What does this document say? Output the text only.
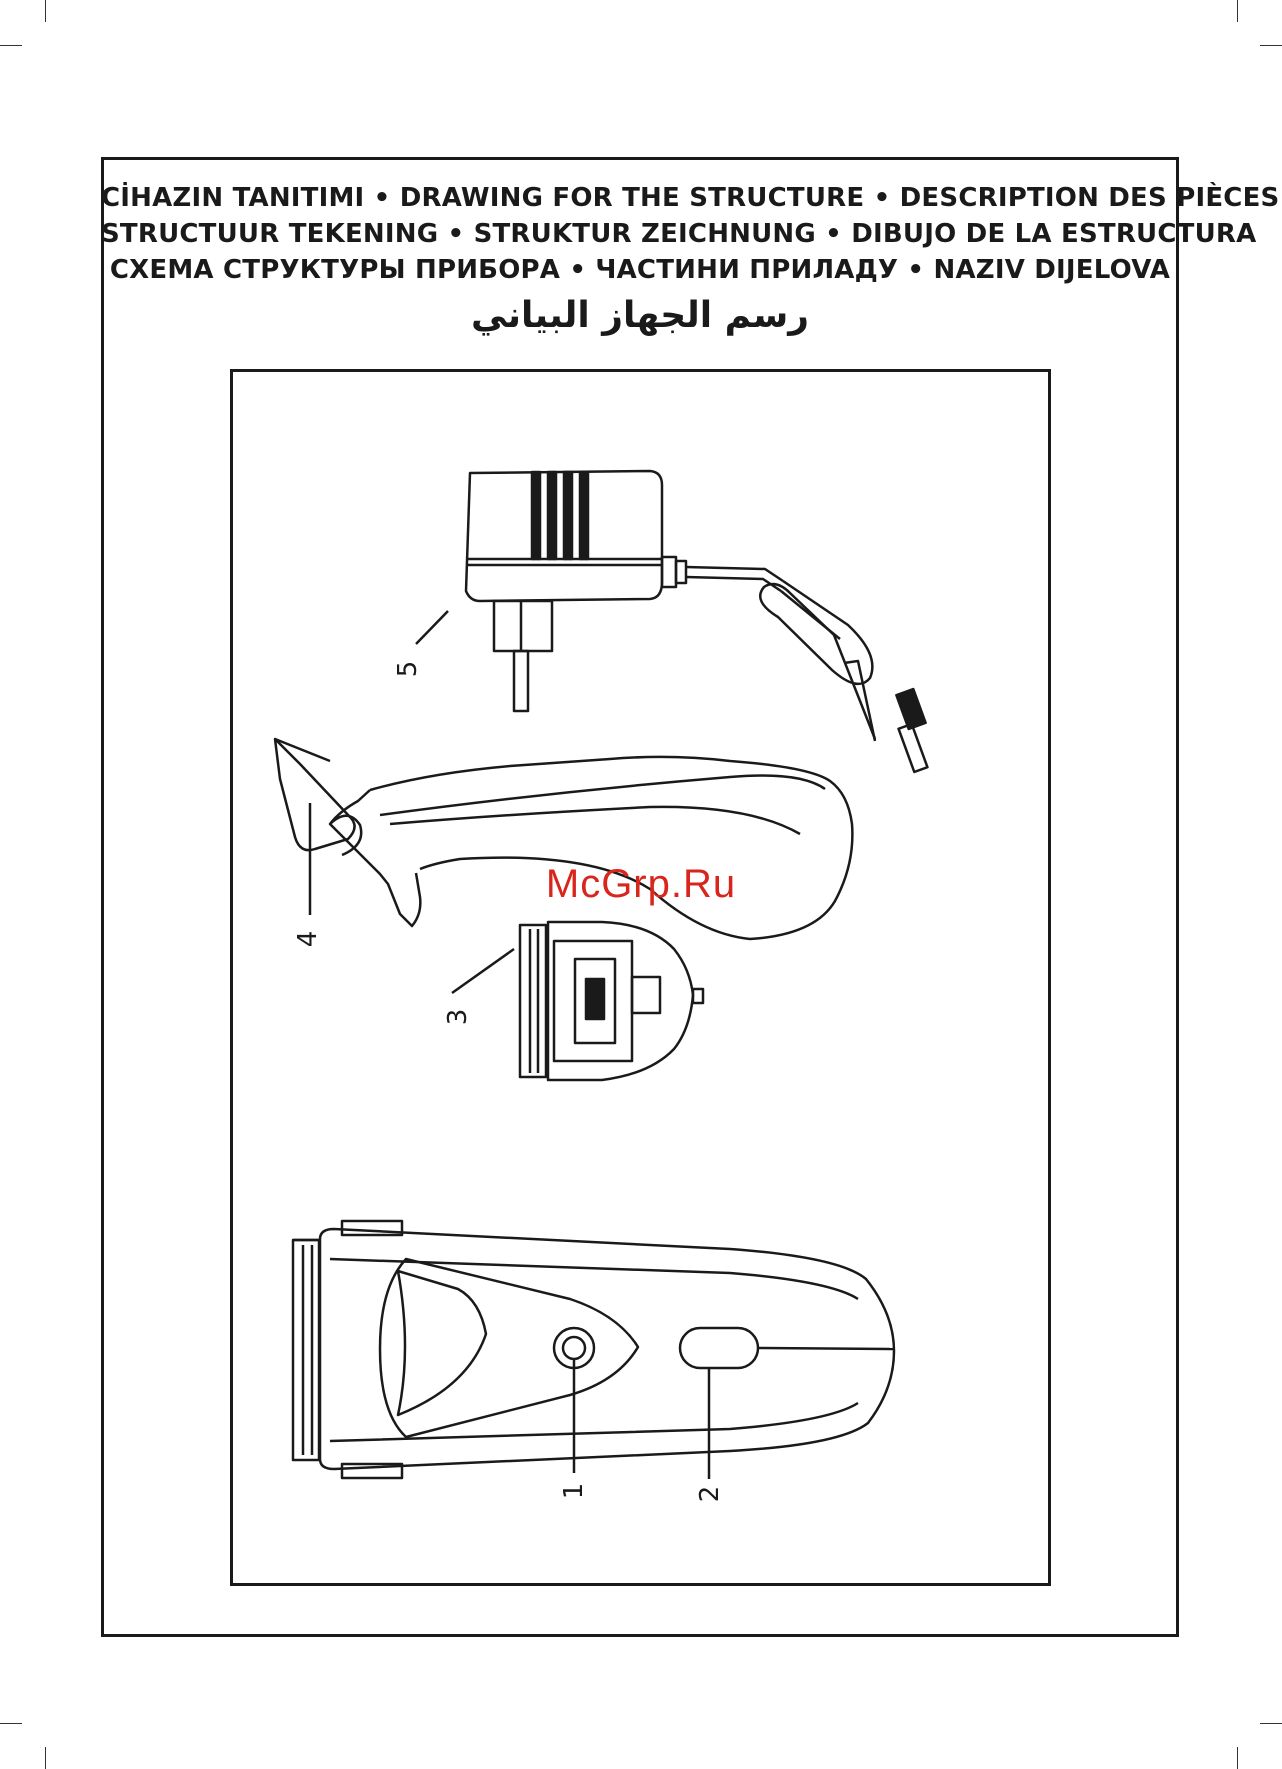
CİHAZIN TANITIMI • DRAWING FOR THE STRUCTURE • DESCRIPTION DES PIÈCES
STRUCTUUR TEKENING • STRUKTUR ZEICHNUNG • DIBUJO DE LA ESTRUCTURA
СХЕМА СТРУКТУРЫ ПРИБОРА • ЧАСТИНИ ПРИЛАДУ • NAZIV DIJELOVA
رسم الجهاز البياني
5
4
3
1	2
McGrp.Ru
